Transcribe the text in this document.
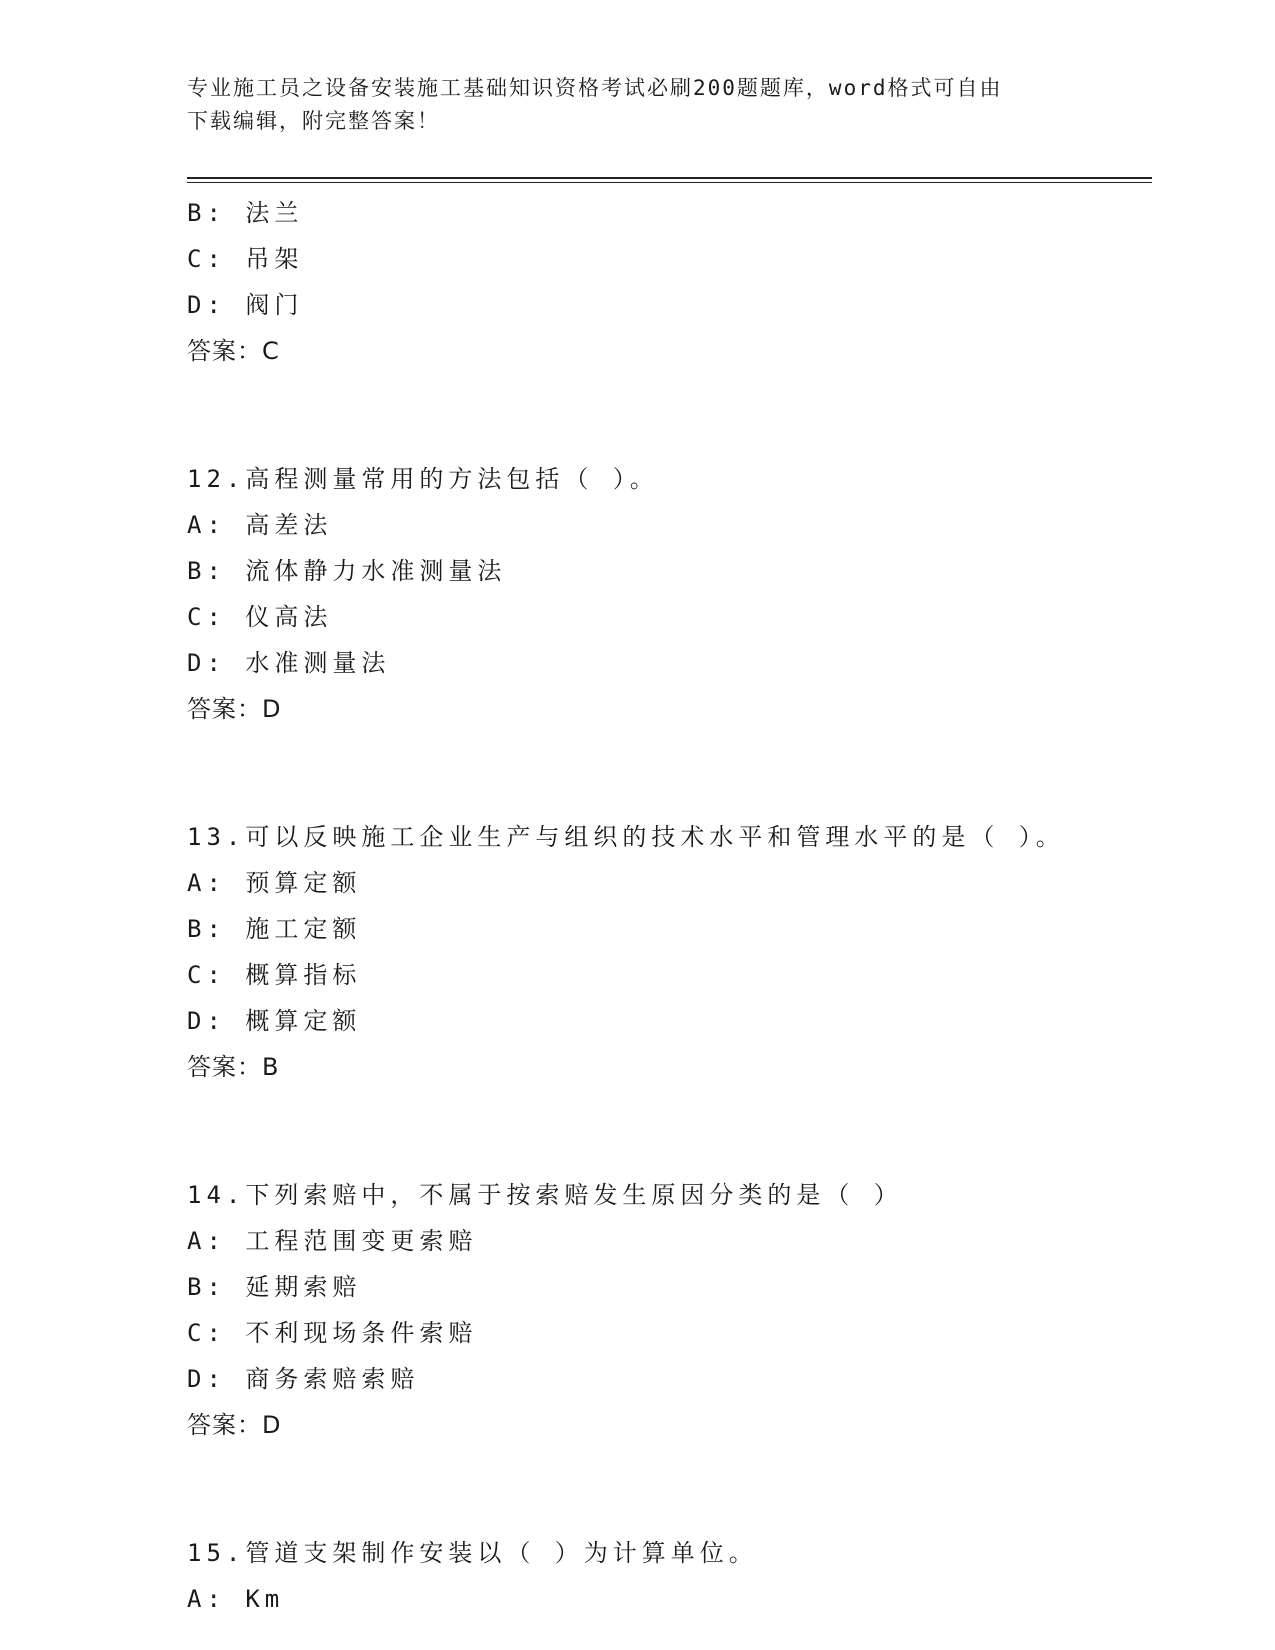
专业施工员之设备安装施工基础知识资格考试必刷200题题库，word格式可自由
下载编辑，附完整答案！
B: 法兰
C: 吊架
D: 阀门
答案：C
12.高程测量常用的方法包括（ ）。
A: 高差法
B: 流体静力水准测量法
C: 仪高法
D: 水准测量法
答案：D
13.可以反映施工企业生产与组织的技术水平和管理水平的是（ ）。
A: 预算定额
B: 施工定额
C: 概算指标
D: 概算定额
答案：B
14.下列索赔中，不属于按索赔发生原因分类的是（ ）
A: 工程范围变更索赔
B: 延期索赔
C: 不利现场条件索赔
D: 商务索赔索赔
答案：D
15.管道支架制作安装以（ ）为计算单位。
A: Km
